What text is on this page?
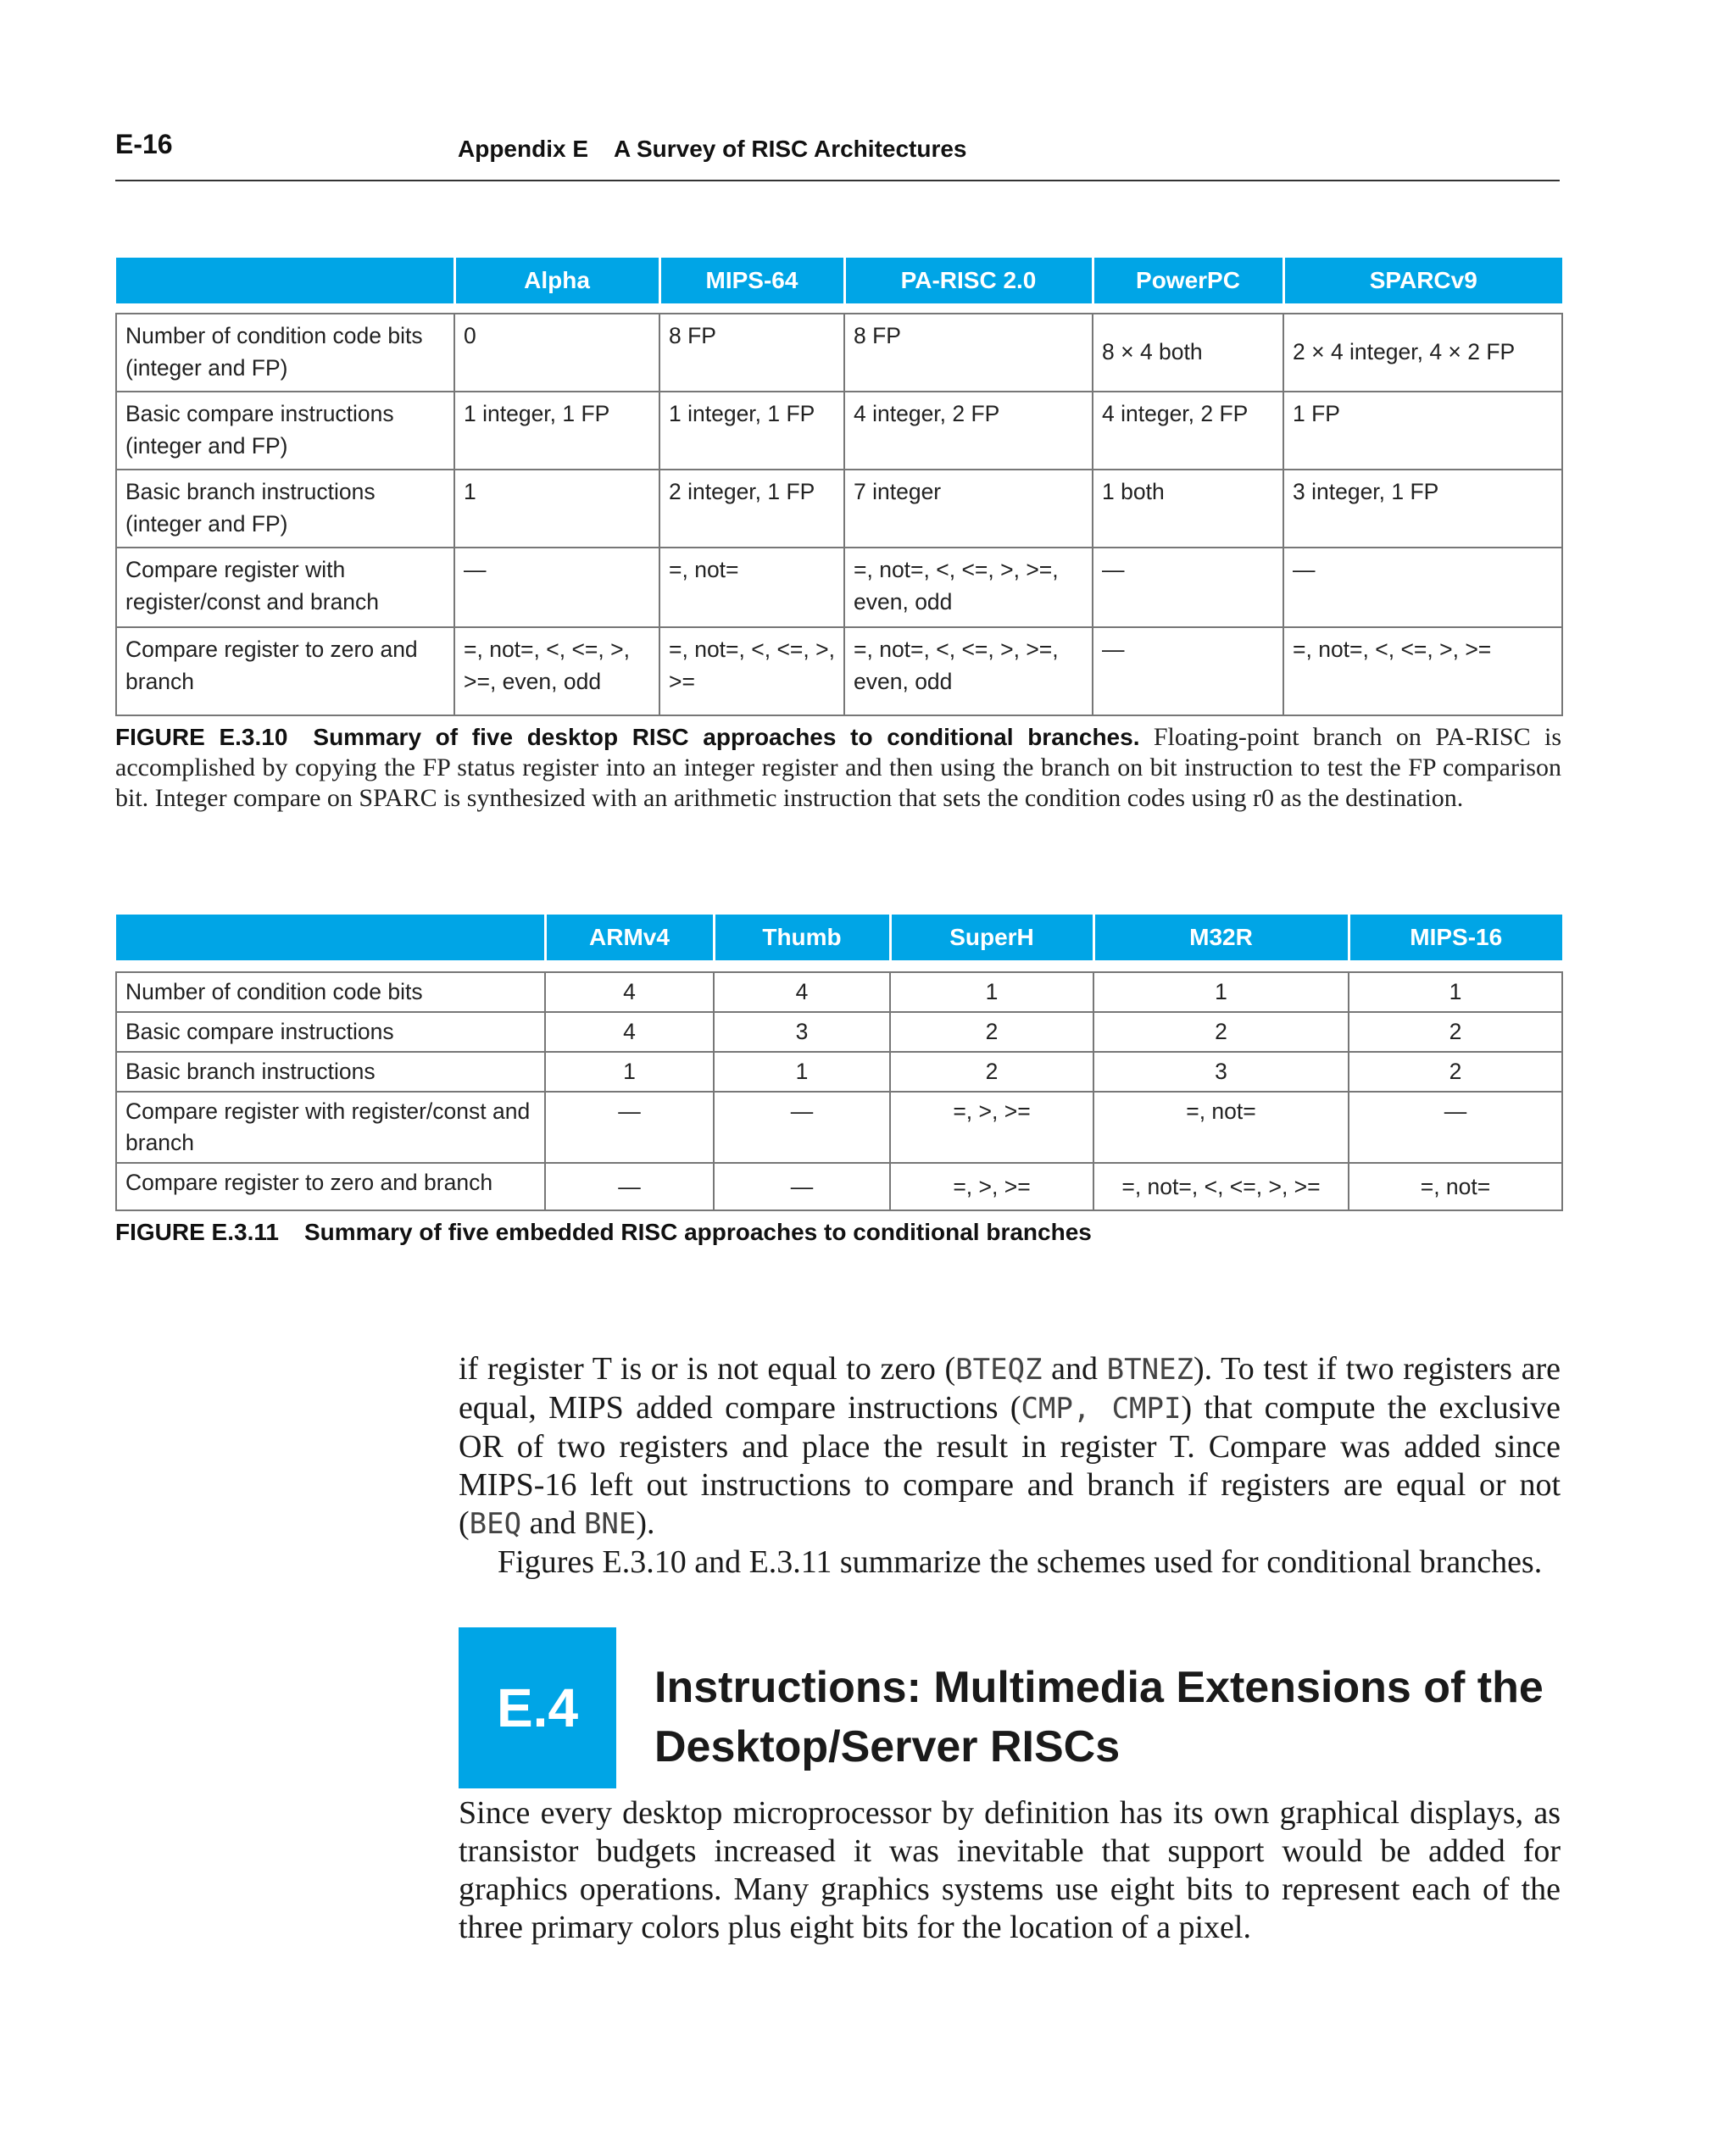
E-16	Appendix E A Survey of RISC Architectures
	Alpha	MIPS-64	PA-RISC 2.0	PowerPC	SPARCv9

Number of condition code bits (integer and FP)	0	8 FP	8 FP	8 × 4 both	2 × 4 integer, 4 × 2 FP
Basic compare instructions (integer and FP)	1 integer, 1 FP	1 integer, 1 FP	4 integer, 2 FP	4 integer, 2 FP	1 FP
Basic branch instructions (integer and FP)	1	2 integer, 1 FP	7 integer	1 both	3 integer, 1 FP
Compare register with register/const and branch	—	=, not=	=, not=, <, <=, >, >=, even, odd	—	—
Compare register to zero and branch	=, not=, <, <=, >, >=, even, odd	=, not=, <, <=, >, >=	=, not=, <, <=, >, >=, even, odd	—	=, not=, <, <=, >, >=
FIGURE E.3.10 Summary of five desktop RISC approaches to conditional branches. Floating-point branch on PA-RISC is accomplished by copying the FP status register into an integer register and then using the branch on bit instruction to test the FP comparison bit. Integer compare on SPARC is synthesized with an arithmetic instruction that sets the condition codes using r0 as the destination.
	ARMv4	Thumb	SuperH	M32R	MIPS-16

Number of condition code bits	4	4	1	1	1
Basic compare instructions	4	3	2	2	2
Basic branch instructions	1	1	2	3	2
Compare register with register/const and branch	—	—	=, >, >=	=, not=	—
Compare register to zero and branch	—	—	=, >, >=	=, not=, <, <=, >, >=	=, not=
FIGURE E.3.11 Summary of five embedded RISC approaches to conditional branches
if register T is or is not equal to zero (BTEQZ and BTNEZ). To test if two registers are equal, MIPS added compare instructions (CMP, CMPI) that compute the exclusive OR of two registers and place the result in register T. Compare was added since MIPS-16 left out instructions to compare and branch if registers are equal or not (BEQ and BNE).
Figures E.3.10 and E.3.11 summarize the schemes used for conditional branches.
E.4	Instructions: Multimedia Extensions of the Desktop/Server RISCs
Since every desktop microprocessor by definition has its own graphical displays, as transistor budgets increased it was inevitable that support would be added for graphics operations. Many graphics systems use eight bits to represent each of the three primary colors plus eight bits for the location of a pixel.
